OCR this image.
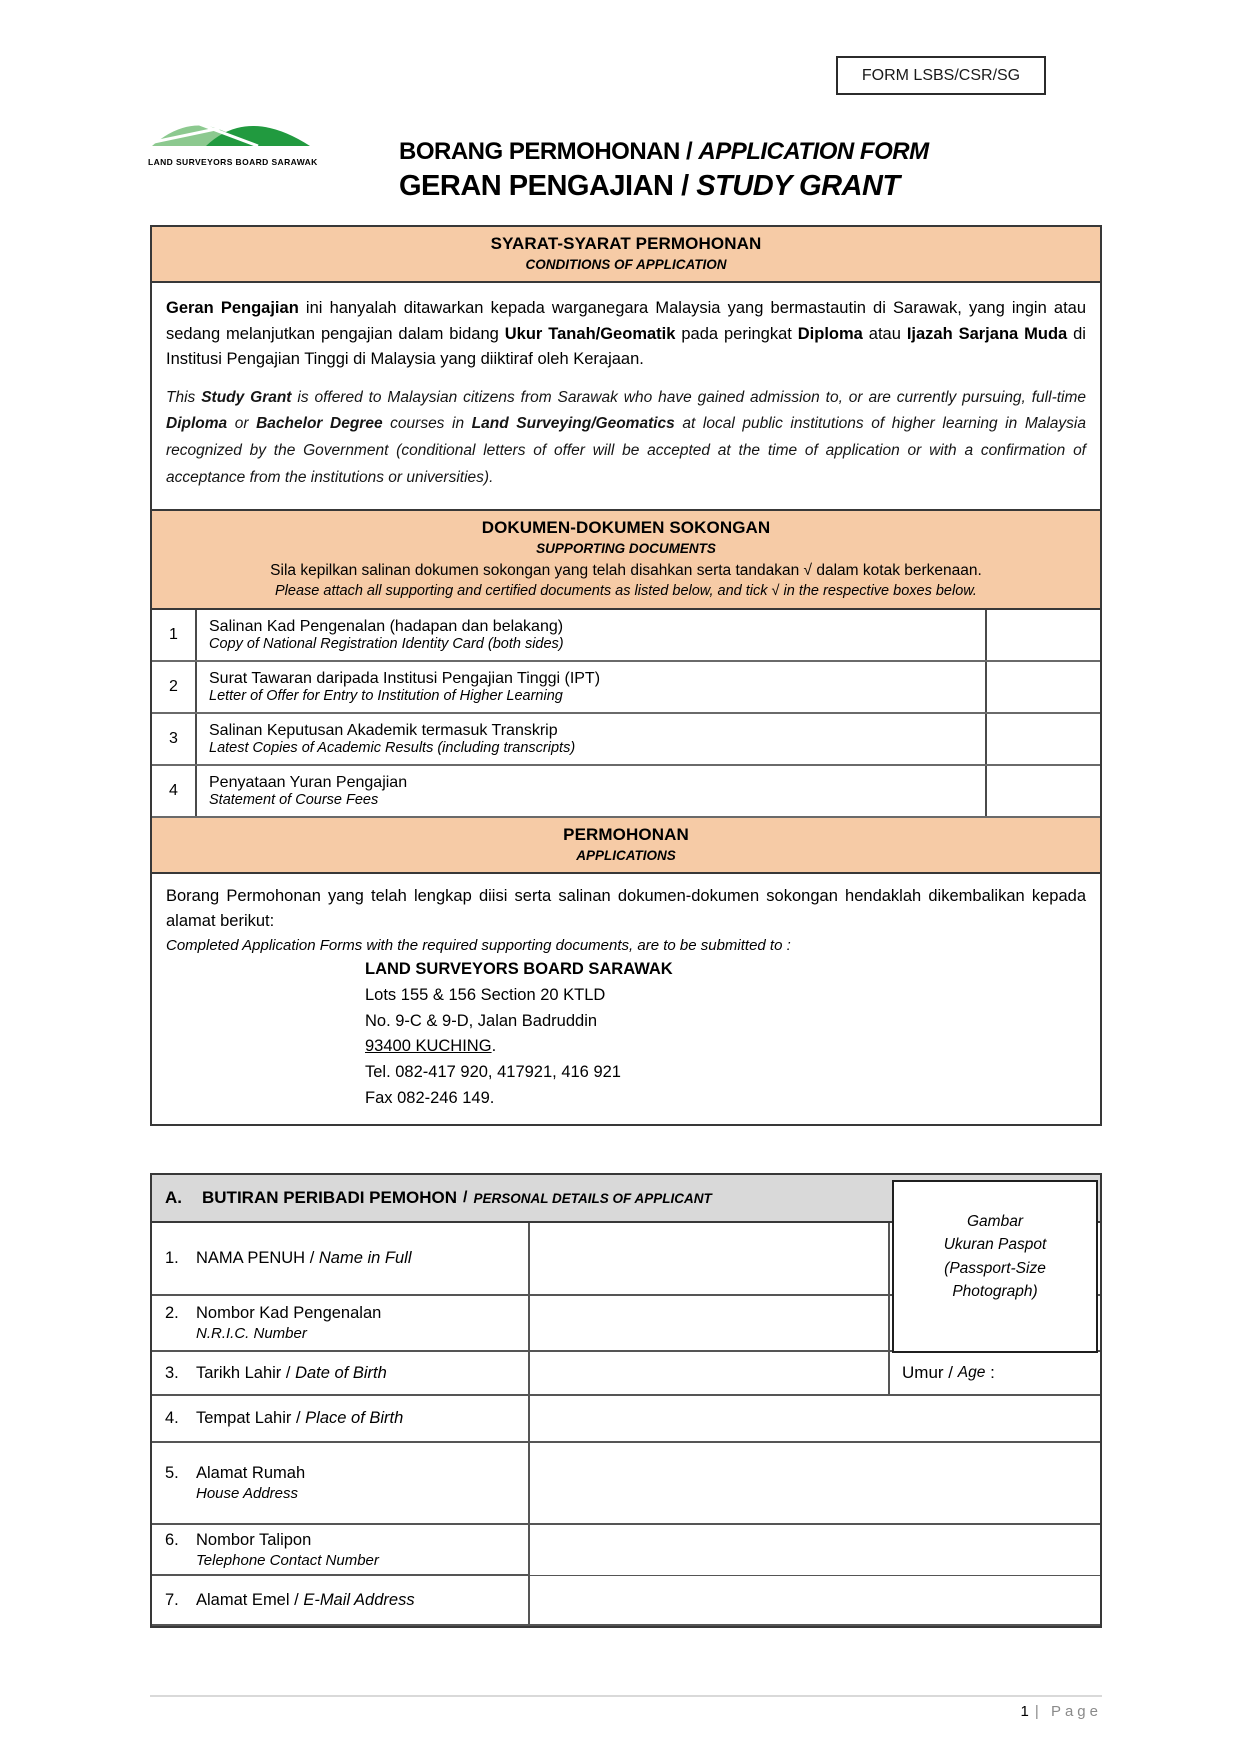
FORM LSBS/CSR/SG
LAND SURVEYORS BOARD SARAWAK	BORANG PERMOHONAN / APPLICATION FORM
GERAN PENGAJIAN / STUDY GRANT
SYARAT-SYARAT PERMOHONAN
CONDITIONS OF APPLICATION

Geran Pengajian ini hanyalah ditawarkan kepada warganegara Malaysia yang bermastautin di Sarawak, yang ingin atau sedang melanjutkan pengajian dalam bidang Ukur Tanah/Geomatik pada peringkat Diploma atau Ijazah Sarjana Muda di Institusi Pengajian Tinggi di Malaysia yang diiktiraf oleh Kerajaan.

This Study Grant is offered to Malaysian citizens from Sarawak who have gained admission to, or are currently pursuing, full-time Diploma or Bachelor Degree courses in Land Surveying/Geomatics at local public institutions of higher learning in Malaysia recognized by the Government (conditional letters of offer will be accepted at the time of application or with a confirmation of acceptance from the institutions or universities).

DOKUMEN-DOKUMEN SOKONGAN
SUPPORTING DOCUMENTS
Sila kepilkan salinan dokumen sokongan yang telah disahkan serta tandakan √ dalam kotak berkenaan.
Please attach all supporting and certified documents as listed below, and tick √ in the respective boxes below.
1	Salinan Kad Pengenalan (hadapan dan belakang)
Copy of National Registration Identity Card (both sides)
2	Surat Tawaran daripada Institusi Pengajian Tinggi (IPT)
Letter of Offer for Entry to Institution of Higher Learning
3	Salinan Keputusan Akademik termasuk Transkrip
Latest Copies of Academic Results (including transcripts)
4	Penyataan Yuran Pengajian
Statement of Course Fees
PERMOHONAN
APPLICATIONS

Borang Permohonan yang telah lengkap diisi serta salinan dokumen-dokumen sokongan hendaklah dikembalikan kepada alamat berikut:

Completed Application Forms with the required supporting documents, are to be submitted to :

LAND SURVEYORS BOARD SARAWAK
Lots 155 & 156 Section 20 KTLD
No. 9-C & 9-D, Jalan Badruddin
93400 KUCHING.
Tel. 082-417 920, 417921, 416 921
Fax 082-246 149.
A.	BUTIRAN PERIBADI PEMOHON / PERSONAL DETAILS OF APPLICANT
1. NAMA PENUH / Name in Full
2. Nombor Kad Pengenalan
N.R.I.C. Number
3. Tarikh Lahir / Date of Birth	Umur
/
Age
:
4. Tempat Lahir / Place of Birth
5. Alamat Rumah
House Address
6. Nombor Talipon
Telephone Contact Number
7. Alamat Emel / E-Mail Address
Gambar
Ukuran Paspot
(Passport-Size
Photograph)
1 | Page
